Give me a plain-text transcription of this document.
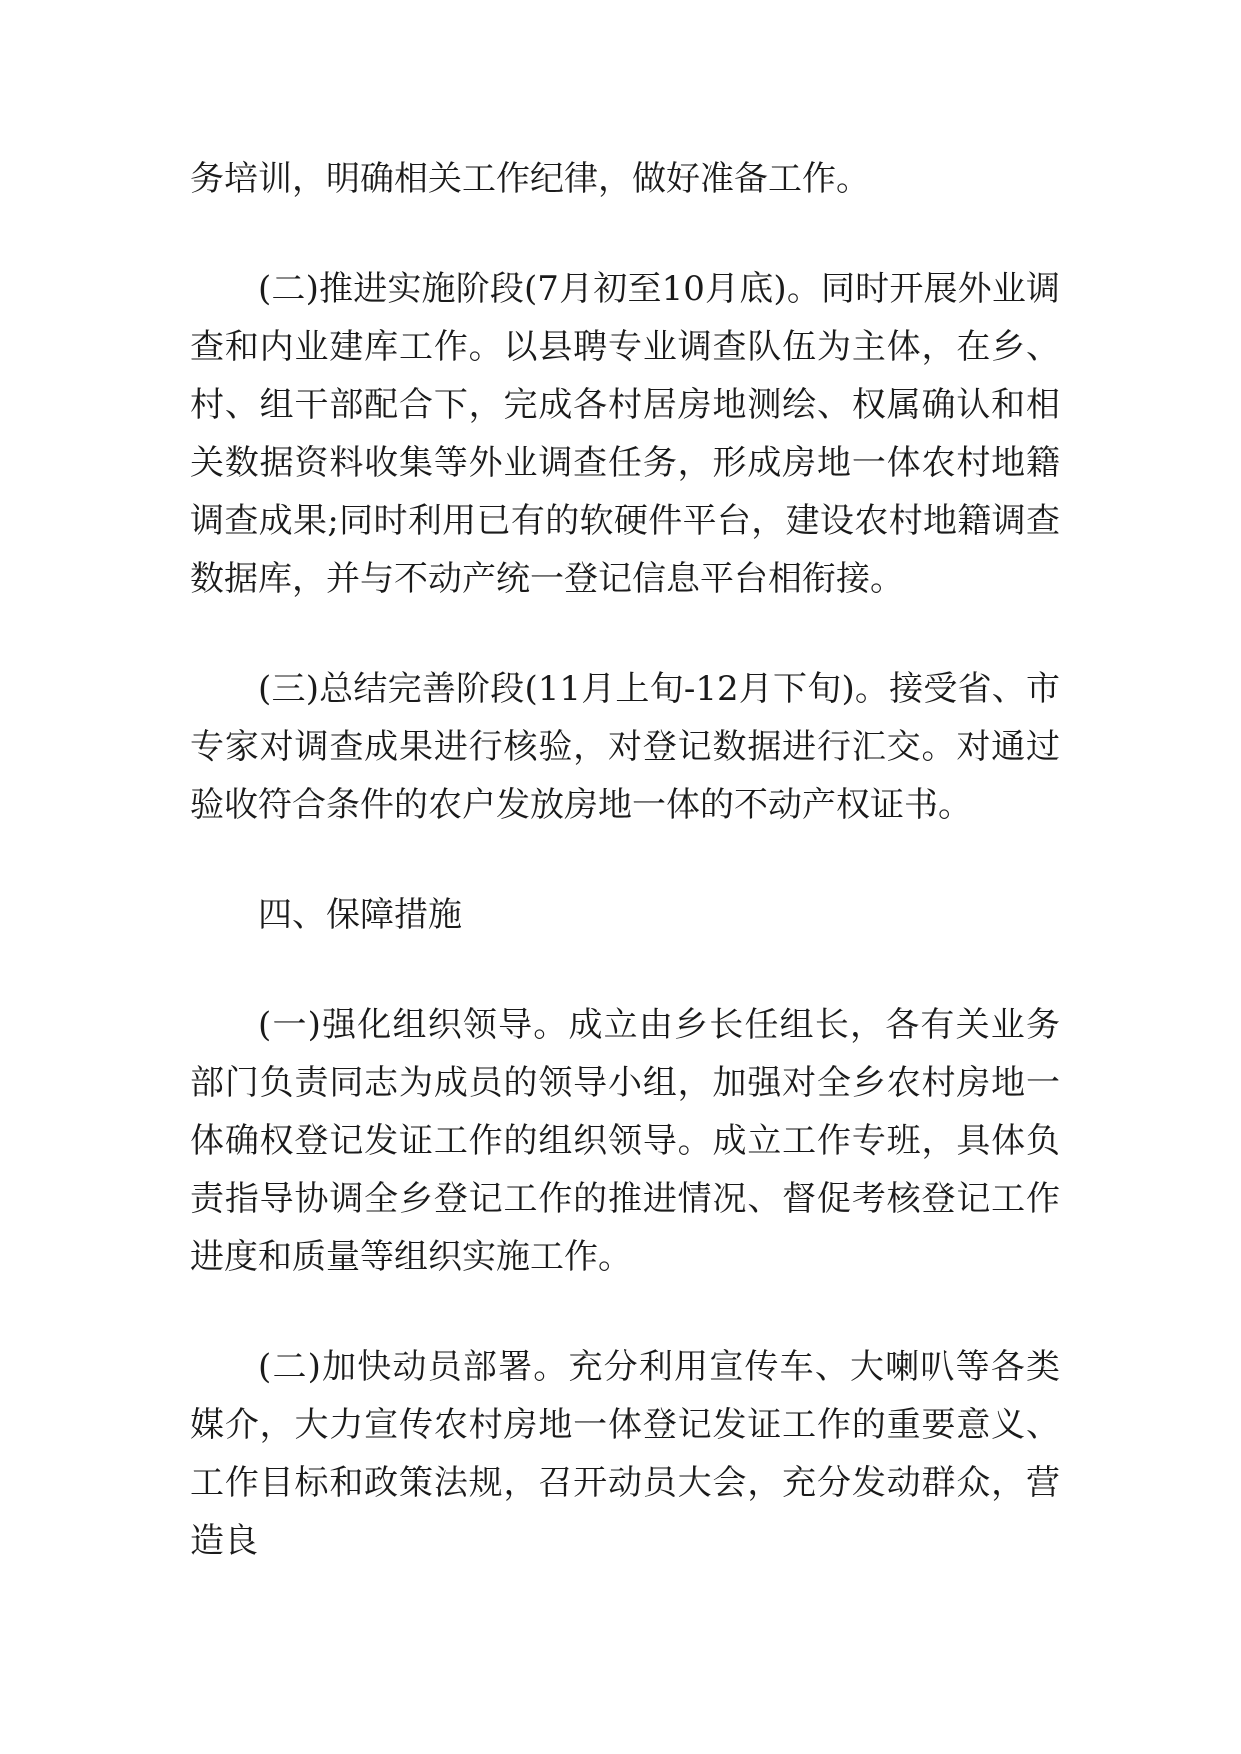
务培训，明确相关工作纪律，做好准备工作。

(二)推进实施阶段(7月初至10月底)。同时开展外业调查和内业建库工作。以县聘专业调查队伍为主体，在乡、村、组干部配合下，完成各村居房地测绘、权属确认和相关数据资料收集等外业调查任务，形成房地一体农村地籍调查成果;同时利用已有的软硬件平台，建设农村地籍调查数据库，并与不动产统一登记信息平台相衔接。

(三)总结完善阶段(11月上旬-12月下旬)。接受省、市专家对调查成果进行核验，对登记数据进行汇交。对通过验收符合条件的农户发放房地一体的不动产权证书。

四、保障措施

(一)强化组织领导。成立由乡长任组长，各有关业务部门负责同志为成员的领导小组，加强对全乡农村房地一体确权登记发证工作的组织领导。成立工作专班，具体负责指导协调全乡登记工作的推进情况、督促考核登记工作进度和质量等组织实施工作。

(二)加快动员部署。充分利用宣传车、大喇叭等各类媒介，大力宣传农村房地一体登记发证工作的重要意义、工作目标和政策法规，召开动员大会，充分发动群众，营造良
